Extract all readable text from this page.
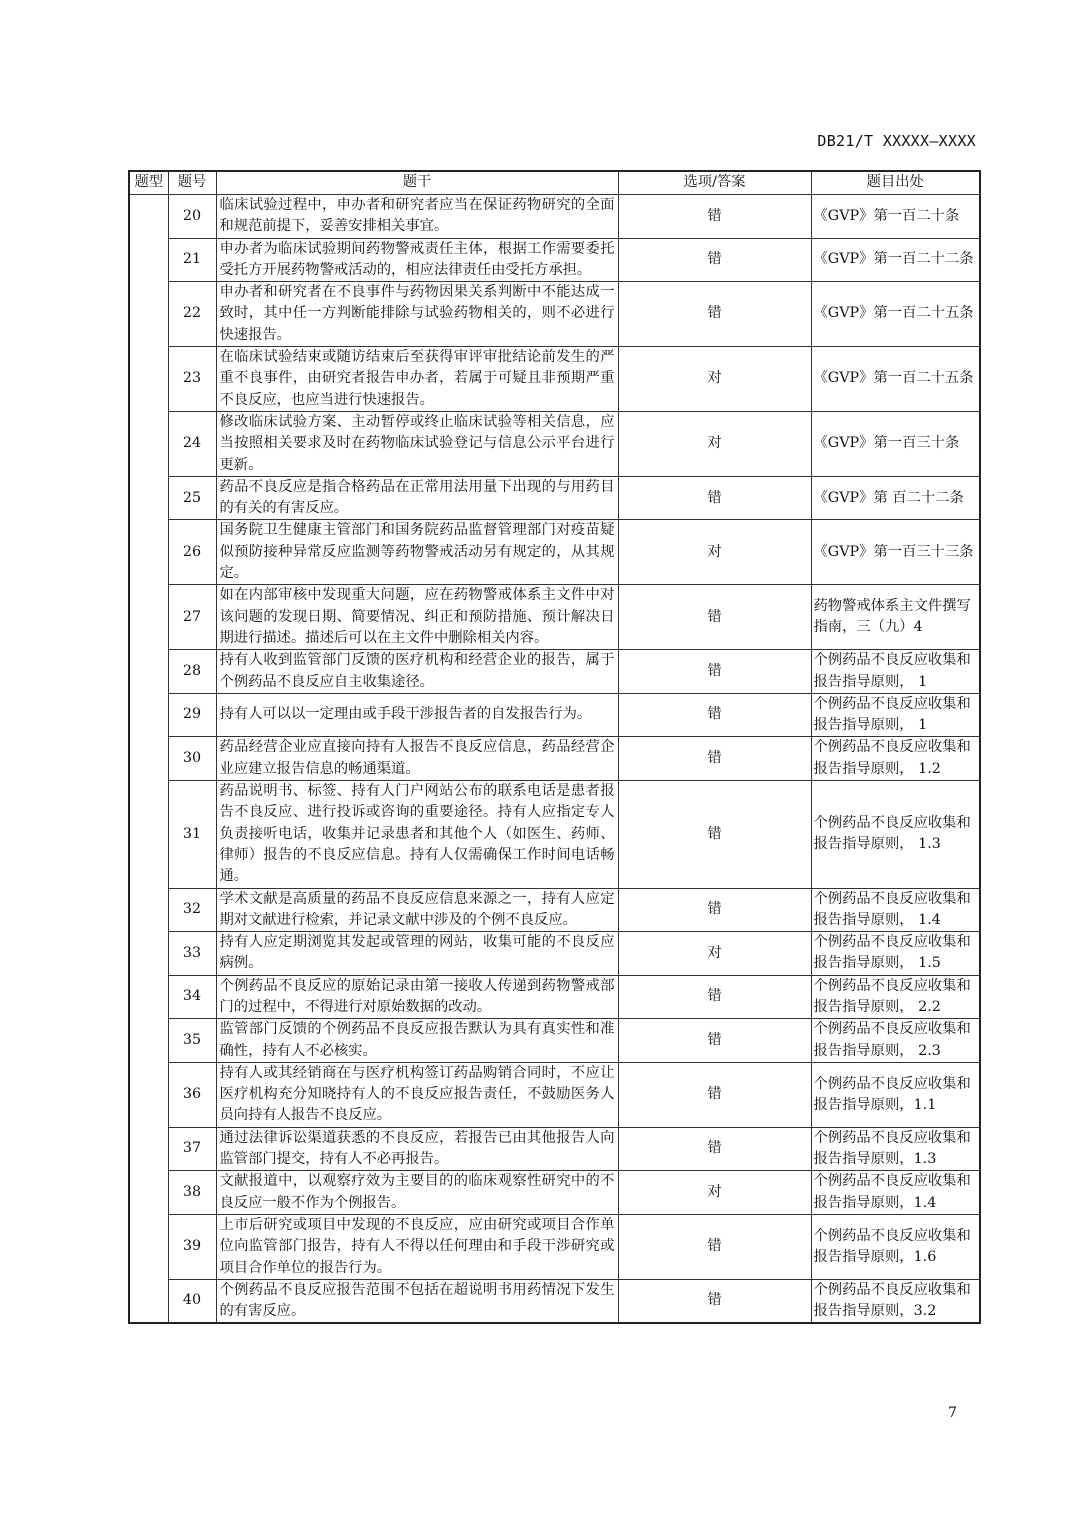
DB21/T XXXXX—XXXX
题型	题号	题干	选项/答案	题目出处
	20	临床试验过程中，申办者和研究者应当在保证药物研究的全面和规范前提下，妥善安排相关事宜。	错	《GVP》第一百二十条
	21	申办者为临床试验期间药物警戒责任主体，根据工作需要委托受托方开展药物警戒活动的，相应法律责任由受托方承担。	错	《GVP》第一百二十二条
	22	申办者和研究者在不良事件与药物因果关系判断中不能达成一致时，其中任一方判断能排除与试验药物相关的，则不必进行快速报告。	错	《GVP》第一百二十五条
	23	在临床试验结束或随访结束后至获得审评审批结论前发生的严重不良事件，由研究者报告申办者，若属于可疑且非预期严重不良反应，也应当进行快速报告。	对	《GVP》第一百二十五条
	24	修改临床试验方案、主动暂停或终止临床试验等相关信息，应当按照相关要求及时在药物临床试验登记与信息公示平台进行更新。	对	《GVP》第一百三十条
	25	药品不良反应是指合格药品在正常用法用量下出现的与用药目的有关的有害反应。	错	《GVP》第 百二十二条
	26	国务院卫生健康主管部门和国务院药品监督管理部门对疫苗疑似预防接种异常反应监测等药物警戒活动另有规定的，从其规定。	对	《GVP》第一百三十三条
	27	如在内部审核中发现重大问题，应在药物警戒体系主文件中对该问题的发现日期、简要情况、纠正和预防措施、预计解决日期进行描述。描述后可以在主文件中删除相关内容。	错	药物警戒体系主文件撰写指南，三（九）4
	28	持有人收到监管部门反馈的医疗机构和经营企业的报告，属于个例药品不良反应自主收集途径。	错	个例药品不良反应收集和报告指导原则， 1
	29	持有人可以以一定理由或手段干涉报告者的自发报告行为。	错	个例药品不良反应收集和报告指导原则， 1
	30	药品经营企业应直接向持有人报告不良反应信息，药品经营企业应建立报告信息的畅通渠道。	错	个例药品不良反应收集和报告指导原则， 1.2
	31	药品说明书、标签、持有人门户网站公布的联系电话是患者报告不良反应、进行投诉或咨询的重要途径。持有人应指定专人负责接听电话，收集并记录患者和其他个人（如医生、药师、律师）报告的不良反应信息。持有人仅需确保工作时间电话畅通。	错	个例药品不良反应收集和报告指导原则， 1.3
	32	学术文献是高质量的药品不良反应信息来源之一，持有人应定期对文献进行检索，并记录文献中涉及的个例不良反应。	错	个例药品不良反应收集和报告指导原则， 1.4
	33	持有人应定期浏览其发起或管理的网站，收集可能的不良反应病例。	对	个例药品不良反应收集和报告指导原则， 1.5
	34	个例药品不良反应的原始记录由第一接收人传递到药物警戒部门的过程中，不得进行对原始数据的改动。	错	个例药品不良反应收集和报告指导原则， 2.2
	35	监管部门反馈的个例药品不良反应报告默认为具有真实性和准确性，持有人不必核实。	错	个例药品不良反应收集和报告指导原则， 2.3
	36	持有人或其经销商在与医疗机构签订药品购销合同时，不应让医疗机构充分知晓持有人的不良反应报告责任，不鼓励医务人员向持有人报告不良反应。	错	个例药品不良反应收集和报告指导原则，1.1
	37	通过法律诉讼渠道获悉的不良反应，若报告已由其他报告人向监管部门提交，持有人不必再报告。	错	个例药品不良反应收集和报告指导原则，1.3
	38	文献报道中，以观察疗效为主要目的的临床观察性研究中的不良反应一般不作为个例报告。	对	个例药品不良反应收集和报告指导原则，1.4
	39	上市后研究或项目中发现的不良反应，应由研究或项目合作单位向监管部门报告，持有人不得以任何理由和手段干涉研究或项目合作单位的报告行为。	错	个例药品不良反应收集和报告指导原则，1.6
	40	个例药品不良反应报告范围不包括在超说明书用药情况下发生的有害反应。	错	个例药品不良反应收集和报告指导原则，3.2
7
